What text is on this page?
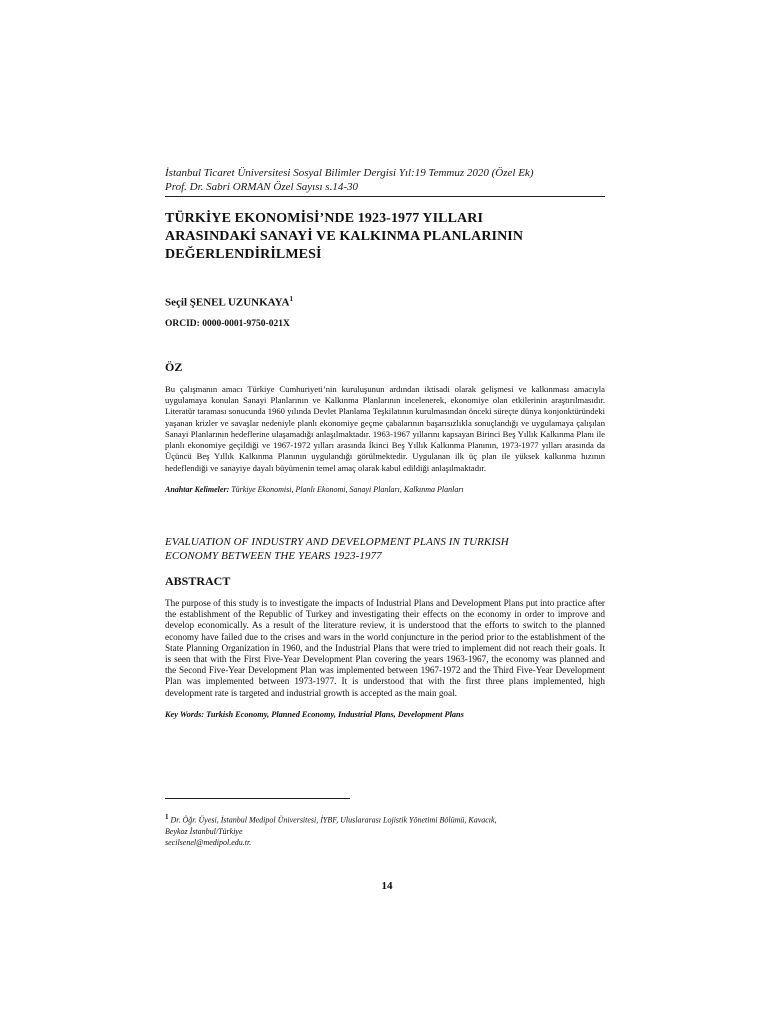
İstanbul Ticaret Üniversitesi Sosyal Bilimler Dergisi Yıl:19 Temmuz 2020 (Özel Ek)
Prof. Dr. Sabri ORMAN Özel Sayısı s.14-30
TÜRKİYE EKONOMİSİ’NDE 1923-1977 YILLARI
ARASINDAKİ SANAYİ VE KALKINMA PLANLARININ
DEĞERLENDİRİLMESİ
Seçil ŞENEL UZUNKAYA$^1$
ORCID: 0000-0001-9750-021X
ÖZ
Bu çalışmanın amacı Türkiye Cumhuriyeti’nin kuruluşunun ardından iktisadi olarak gelişmesi ve kalkınması amacıyla uygulamaya konulan Sanayi Planlarının ve Kalkınma Planlarının incelenerek, ekonomiye olan etkilerinin araştırılmasıdır. Literatür taraması sonucunda 1960 yılında Devlet Planlama Teşkilatının kurulmasından önceki süreçte dünya konjonktüründeki yaşanan krizler ve savaşlar nedeniyle planlı ekonomiye geçme çabalarının başarısızlıkla sonuçlandığı ve uygulamaya çalışılan Sanayi Planlarının hedeflerine ulaşamadığı anlaşılmaktadır. 1963-1967 yıllarını kapsayan Birinci Beş Yıllık Kalkınma Planı ile planlı ekonomiye geçildiği ve 1967-1972 yılları arasında İkinci Beş Yıllık Kalkınma Planının, 1973-1977 yılları arasında da Üçüncü Beş Yıllık Kalkınma Planının uygulandığı görülmektedir. Uygulanan ilk üç plan ile yüksek kalkınma hızının hedeflendiği ve sanayiye dayalı büyümenin temel amaç olarak kabul edildiği anlaşılmaktadır.
Anahtar Kelimeler: Türkiye Ekonomisi, Planlı Ekonomi, Sanayi Planları, Kalkınma Planları
EVALUATION OF INDUSTRY AND DEVELOPMENT PLANS IN TURKISH
ECONOMY BETWEEN THE YEARS 1923-1977
ABSTRACT
The purpose of this study is to investigate the impacts of Industrial Plans and Development Plans put into practice after the establishment of the Republic of Turkey and investigating their effects on the economy in order to improve and develop economically. As a result of the literature review, it is understood that the efforts to switch to the planned economy have failed due to the crises and wars in the world conjuncture in the period prior to the establishment of the State Planning Organization in 1960, and the Industrial Plans that were tried to implement did not reach their goals. It is seen that with the First Five-Year Development Plan covering the years 1963-1967, the economy was planned and the Second Five-Year Development Plan was implemented between 1967-1972 and the Third Five-Year Development Plan was implemented between 1973-1977. It is understood that with the first three plans implemented, high development rate is targeted and industrial growth is accepted as the main goal.
Key Words: Turkish Economy, Planned Economy, Industrial Plans, Development Plans
$^1$ Dr. Öğr. Üyesi, İstanbul Medipol Üniversitesi, İYBF, Uluslararası Lojistik Yönetimi Bölümü, Kavacık,
Beykoz İstanbul/Türkiye
secilsenel@medipol.edu.tr.
14
